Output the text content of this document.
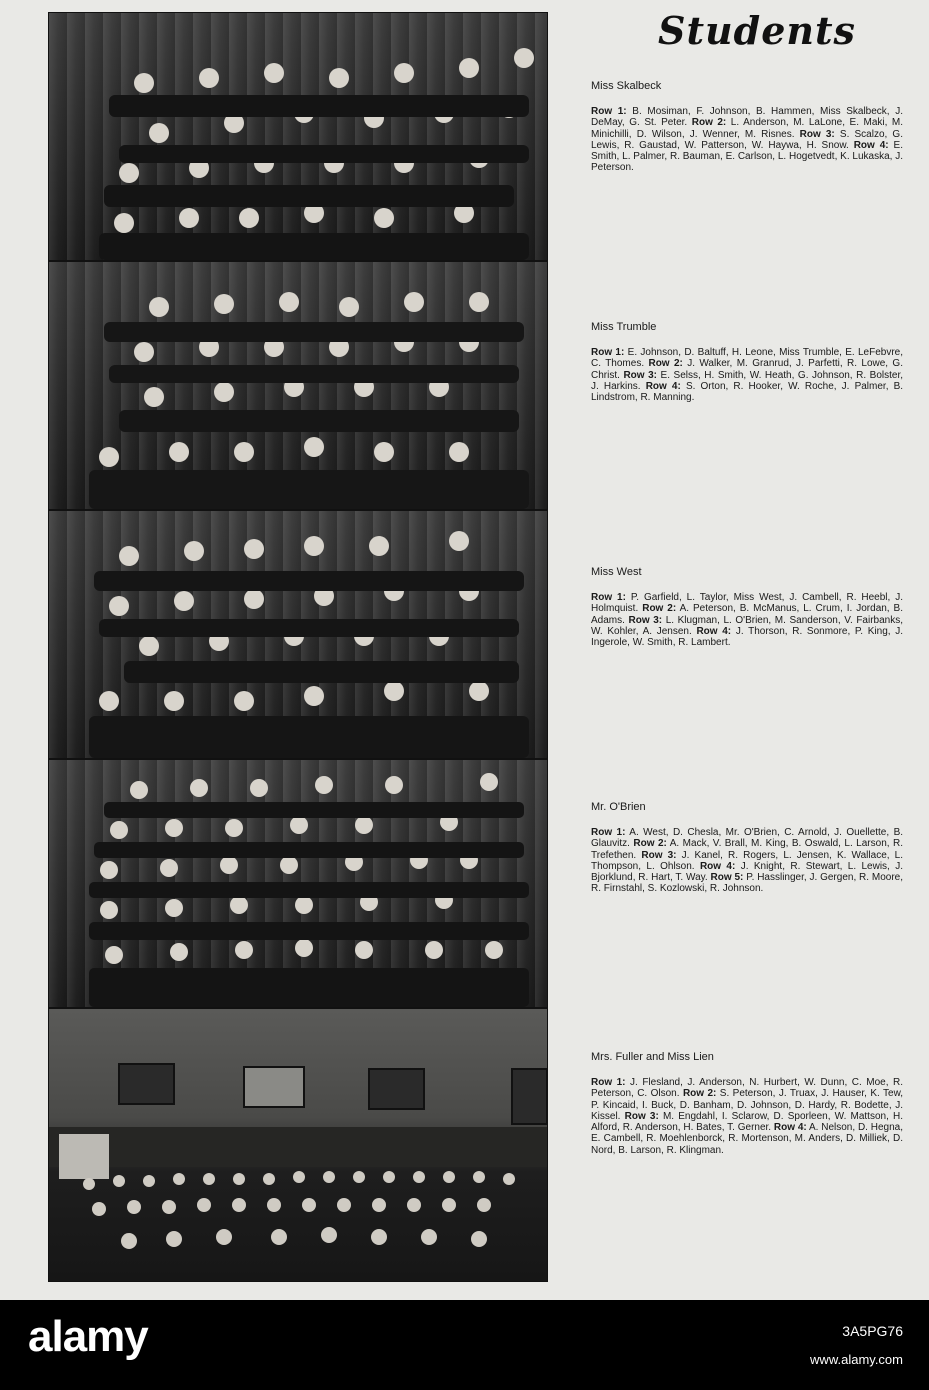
Students
Miss Skalbeck
Row 1: B. Mosiman, F. Johnson, B. Hammen, Miss Skalbeck, J. DeMay, G. St. Peter. Row 2: L. Anderson, M. LaLone, E. Maki, M. Minichilli, D. Wilson, J. Wenner, M. Risnes. Row 3: S. Scalzo, G. Lewis, R. Gaustad, W. Patterson, W. Haywa, H. Snow. Row 4: E. Smith, L. Palmer, R. Bauman, E. Carlson, L. Hogetvedt, K. Lukaska, J. Peterson.
Miss Trumble
Row 1: E. Johnson, D. Baltuff, H. Leone, Miss Trumble, E. LeFebvre, C. Thomes. Row 2: J. Walker, M. Granrud, J. Parfetti, R. Lowe, G. Christ. Row 3: E. Selss, H. Smith, W. Heath, G. Johnson, R. Bolster, J. Harkins. Row 4: S. Orton, R. Hooker, W. Roche, J. Palmer, B. Lindstrom, R. Manning.
Miss West
Row 1: P. Garfield, L. Taylor, Miss West, J. Cambell, R. Heebl, J. Holmquist. Row 2: A. Peterson, B. McManus, L. Crum, I. Jordan, B. Adams. Row 3: L. Klugman, L. O'Brien, M. Sanderson, V. Fairbanks, W. Kohler, A. Jensen. Row 4: J. Thorson, R. Sonmore, P. King, J. Ingerole, W. Smith, R. Lambert.
Mr. O'Brien
Row 1: A. West, D. Chesla, Mr. O'Brien, C. Arnold, J. Ouellette, B. Glauvitz. Row 2: A. Mack, V. Brall, M. King, B. Oswald, L. Larson, R. Trefethen. Row 3: J. Kanel, R. Rogers, L. Jensen, K. Wallace, L. Thompson, L. Ohlson. Row 4: J. Knight, R. Stewart, L. Lewis, J. Bjorklund, R. Hart, T. Way. Row 5: P. Hasslinger, J. Gergen, R. Moore, R. Firnstahl, S. Kozlowski, R. Johnson.
Mrs. Fuller and Miss Lien
Row 1: J. Flesland, J. Anderson, N. Hurbert, W. Dunn, C. Moe, R. Peterson, C. Olson. Row 2: S. Peterson, J. Truax, J. Hauser, K. Tew, P. Kincaid, I. Buck, D. Banham, D. Johnson, D. Hardy, R. Bodette, J. Kissel. Row 3: M. Engdahl, I. Sclarow, D. Sporleen, W. Mattson, H. Alford, R. Anderson, H. Bates, T. Gerner. Row 4: A. Nelson, D. Hegna, E. Cambell, R. Moehlenborck, R. Mortenson, M. Anders, D. Milliek, D. Nord, B. Larson, R. Klingman.
alamy	3A5PG76
www.alamy.com
